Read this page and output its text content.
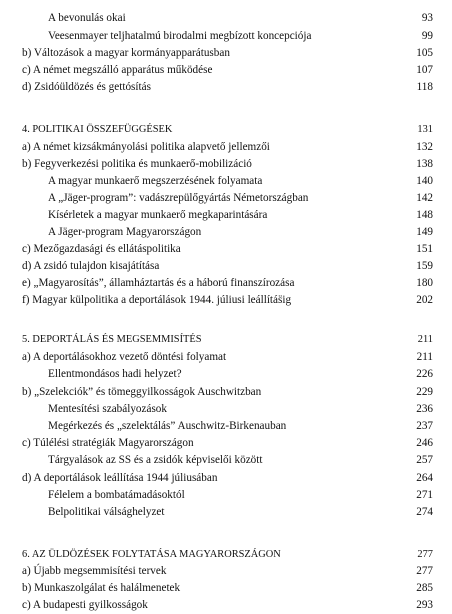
A bevonulás okai	93
Veesenmayer teljhatalmú birodalmi megbízott koncepciója	99
b) Változások a magyar kormányapparátusban	105
c) A német megszálló apparátus működése	107
d) Zsidóüldözés és gettósítás	118
4. POLITIKAI ÖSSZEFÜGGÉSEK	131
a) A német kizsákmányolási politika alapvető jellemzői	132
b) Fegyverkezési politika és munkaerő-mobilizáció	138
A magyar munkaerő megszerzésének folyamata	140
A „Jäger-program”: vadászrepülőgyártás Németországban	142
Kísérletek a magyar munkaerő megkaparintására	148
A Jäger-program Magyarországon	149
c) Mezőgazdasági és ellátáspolitika	151
d) A zsidó tulajdon kisajátítása	159
e) „Magyarosítás”, államháztartás és a háború finanszírozása	180
f) Magyar külpolitika a deportálások 1944. júliusi leállítás̈ig	202
5. DEPORTÁLÁS ÉS MEGSEMMISÍTÉS	211
a) A deportálásokhoz vezető döntési folyamat	211
Ellentmondásos hadi helyzet?	226
b) „Szelekciók” és tömeggyilkosságok Auschwitzban	229
Mentesítési szabályozások	236
Megérkezés és „szelektálás” Auschwitz-Birkenauban	237
c) Túlélési stratégiák Magyarországon	246
Tárgyalások az SS és a zsidók képviselői között	257
d) A deportálások leállítása 1944 júliusában	264
Félelem a bombatámadásoktól	271
Belpolitikai válsághelyzet	274
6. AZ ÜLDÖZÉSEK FOLYTATÁSA MAGYARORSZÁGON	277
a) Újabb megsemmisítési tervek	277
b) Munkaszolgálat és halálmenetek	285
c) A budapesti gyilkosságok	293
